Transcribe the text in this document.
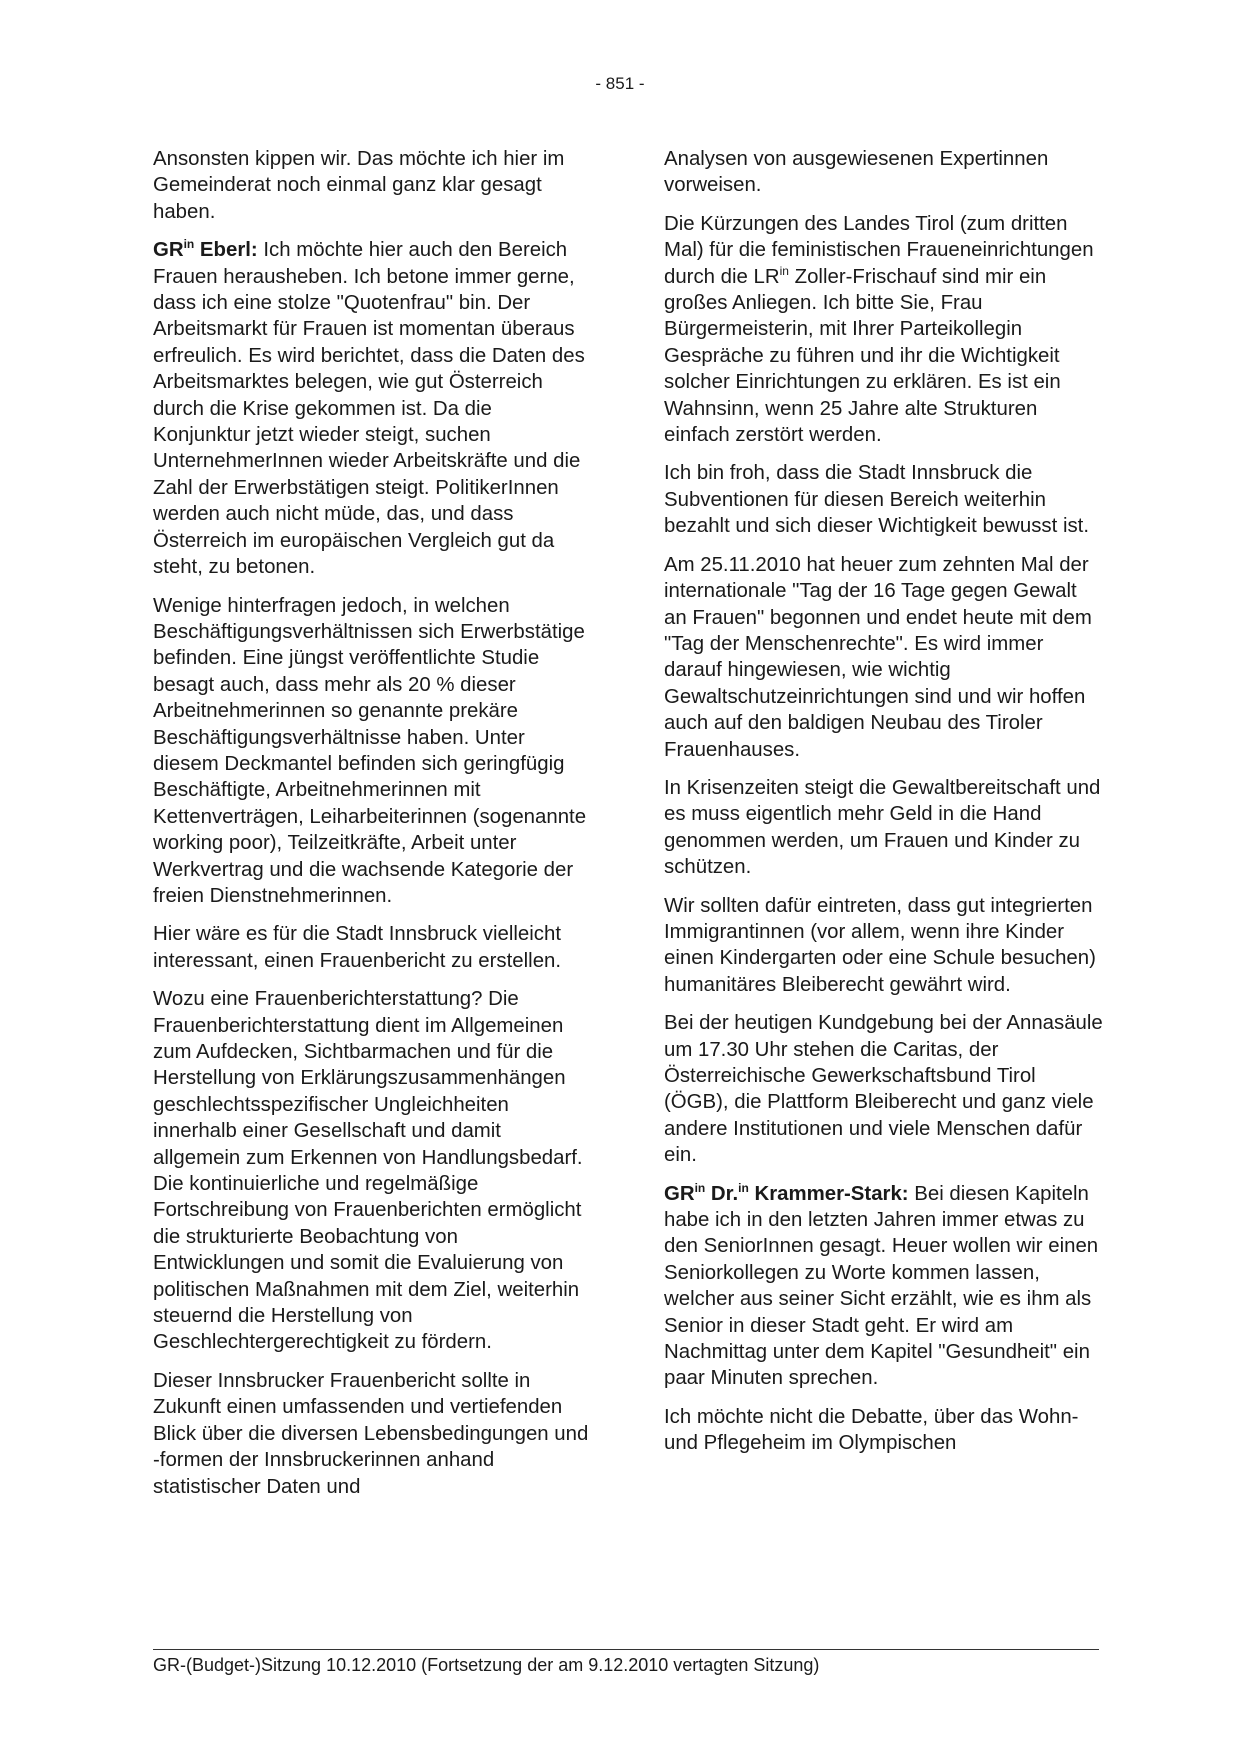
- 851 -

Ansonsten kippen wir. Das möchte ich hier im Gemeinderat noch einmal ganz klar gesagt haben.

$GR^{in}$ Eberl: Ich möchte hier auch den Bereich Frauen herausheben. Ich betone immer gerne, dass ich eine stolze "Quotenfrau" bin. Der Arbeitsmarkt für Frauen ist momentan überaus erfreulich. Es wird berichtet, dass die Daten des Arbeitsmarktes belegen, wie gut Österreich durch die Krise gekommen ist. Da die Konjunktur jetzt wieder steigt, suchen UnternehmerInnen wieder Arbeitskräfte und die Zahl der Erwerbstätigen steigt. PolitikerInnen werden auch nicht müde, das, und dass Österreich im europäischen Vergleich gut da steht, zu betonen.

Wenige hinterfragen jedoch, in welchen Beschäftigungsverhältnissen sich Erwerbstätige befinden. Eine jüngst veröffentlichte Studie besagt auch, dass mehr als 20 % dieser Arbeitnehmerinnen so genannte prekäre Beschäftigungsverhältnisse haben. Unter diesem Deckmantel befinden sich geringfügig Beschäftigte, Arbeitnehmerinnen mit Kettenverträgen, Leiharbeiterinnen (sogenannte working poor), Teilzeitkräfte, Arbeit unter Werkvertrag und die wachsende Kategorie der freien Dienstnehmerinnen.

Hier wäre es für die Stadt Innsbruck vielleicht interessant, einen Frauenbericht zu erstellen.

Wozu eine Frauenberichterstattung? Die Frauenberichterstattung dient im Allgemeinen zum Aufdecken, Sichtbarmachen und für die Herstellung von Erklärungszusammenhängen geschlechtsspezifischer Ungleichheiten innerhalb einer Gesellschaft und damit allgemein zum Erkennen von Handlungsbedarf. Die kontinuierliche und regelmäßige Fortschreibung von Frauenberichten ermöglicht die strukturierte Beobachtung von Entwicklungen und somit die Evaluierung von politischen Maßnahmen mit dem Ziel, weiterhin steuernd die Herstellung von Geschlechtergerechtigkeit zu fördern.

Dieser Innsbrucker Frauenbericht sollte in Zukunft einen umfassenden und vertiefenden Blick über die diversen Lebensbedingungen und -formen der Innsbruckerinnen anhand statistischer Daten und

Analysen von ausgewiesenen Expertinnen vorweisen.

Die Kürzungen des Landes Tirol (zum dritten Mal) für die feministischen Fraueneinrichtungen durch die $LR^{in}$ Zoller-Frischauf sind mir ein großes Anliegen. Ich bitte Sie, Frau Bürgermeisterin, mit Ihrer Parteikollegin Gespräche zu führen und ihr die Wichtigkeit solcher Einrichtungen zu erklären. Es ist ein Wahnsinn, wenn 25 Jahre alte Strukturen einfach zerstört werden.

Ich bin froh, dass die Stadt Innsbruck die Subventionen für diesen Bereich weiterhin bezahlt und sich dieser Wichtigkeit bewusst ist.

Am 25.11.2010 hat heuer zum zehnten Mal der internationale "Tag der 16 Tage gegen Gewalt an Frauen" begonnen und endet heute mit dem "Tag der Menschenrechte". Es wird immer darauf hingewiesen, wie wichtig Gewaltschutzeinrichtungen sind und wir hoffen auch auf den baldigen Neubau des Tiroler Frauenhauses.

In Krisenzeiten steigt die Gewaltbereitschaft und es muss eigentlich mehr Geld in die Hand genommen werden, um Frauen und Kinder zu schützen.

Wir sollten dafür eintreten, dass gut integrierten Immigrantinnen (vor allem, wenn ihre Kinder einen Kindergarten oder eine Schule besuchen) humanitäres Bleiberecht gewährt wird.

Bei der heutigen Kundgebung bei der Annasäule um 17.30 Uhr stehen die Caritas, der Österreichische Gewerkschaftsbund Tirol (ÖGB), die Plattform Bleiberecht und ganz viele andere Institutionen und viele Menschen dafür ein.

$GR^{in}$ Dr.$^{in}$ Krammer-Stark: Bei diesen Kapiteln habe ich in den letzten Jahren immer etwas zu den SeniorInnen gesagt. Heuer wollen wir einen Seniorkollegen zu Worte kommen lassen, welcher aus seiner Sicht erzählt, wie es ihm als Senior in dieser Stadt geht. Er wird am Nachmittag unter dem Kapitel "Gesundheit" ein paar Minuten sprechen.

Ich möchte nicht die Debatte, über das Wohn- und Pflegeheim im Olympischen

GR-(Budget-)Sitzung 10.12.2010 (Fortsetzung der am 9.12.2010 vertagten Sitzung)
